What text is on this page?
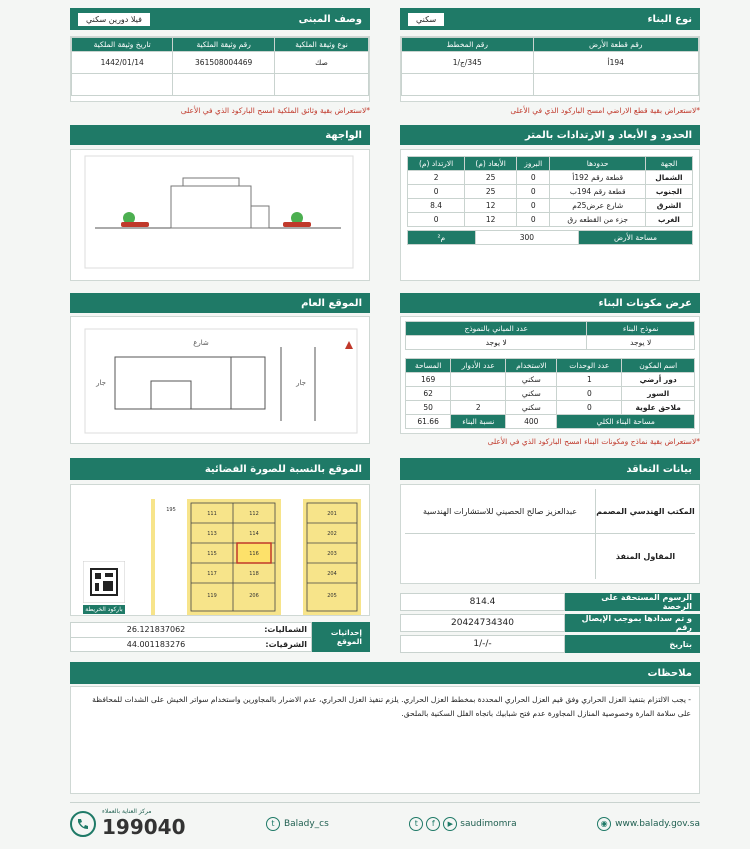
نوع البناء
سكني
وصف المبنى
فيلا دورين سكني
رقم قطعة الأرض	رقم المخطط
194أ	345/ج/1

*لاستعراض بقية قطع الاراضي امسح الباركود الذي في الأعلى
نوع وثيقة الملكية	رقم وثيقة الملكية	تاريخ وثيقة الملكية
صك	361508004469	1442/01/14

*لاستعراض بقية وثائق الملكية امسح الباركود الذي في الأعلى
الحدود و الأبعاد و الارتدادات بالمتر
الجهة	حدودها	البروز	الأبعاد (م)	الارتداد (م)
الشمال	قطعة رقم 192أ	0	25	2
الجنوب	قطعة رقم 194ب	0	25	0
الشرق	شارع عرض25م	0	12	8.4
الغرب	جزء من القطعه رق	0	12	0
مساحة الأرض	300	م²
الواجهة
عرض مكونات البناء
نموذج البناء	عدد المباني بالنموذج
لا يوجد	لا يوجد
اسم المكون	عدد الوحدات	الاستخدام	عدد الأدوار	المساحة
دور أرضي	1	سكني		169
السور	0	سكني		62
ملاحق علوية	0	سكني	2	50
مساحة البناء الكلي		400	نسبة البناء	61.66
*لاستعراض بقية نماذج ومكونات البناء امسح الباركود الذي في الأعلى
الموقع العام
شارع
جار	جار
بيانات التعاقد
المكتب الهندسي المصمم
عبدالعزيز صالح الحصيني للاستشارات الهندسية
المقاول المنفذ
الرسوم المستحقة على الرخصة
814.4
و تم سدادها بموجب الإيصال رقم
20424734340
بتاريخ
-/-/1
الموقع بالنسبة للصورة الفضائية
باركود الخريطة
111	112
113	114
115	116
117	118
119
201
202
203
204
205
206
195
إحداثيات الموقع
الشماليات:
26.121837062
الشرقيات:
44.001183276
ملاحظات
- يجب الالتزام بتنفيذ العزل الحراري وفق قيم العزل الحراري المحددة بمخطط العزل الحراري. يلزم تنفيذ العزل الحراري، عدم الاضرار بالمجاورين واستخدام سواتر الخيش على الشدات للمحافظة
على سلامة المارة وخصوصية المنازل المجاورة عدم فتح شبابيك باتجاه الفلل السكنية بالملحق.
مركز العناية بالعملاء
199040	t	Balady_cs	t	f	▶ saudimomra	◉ www.balady.gov.sa
